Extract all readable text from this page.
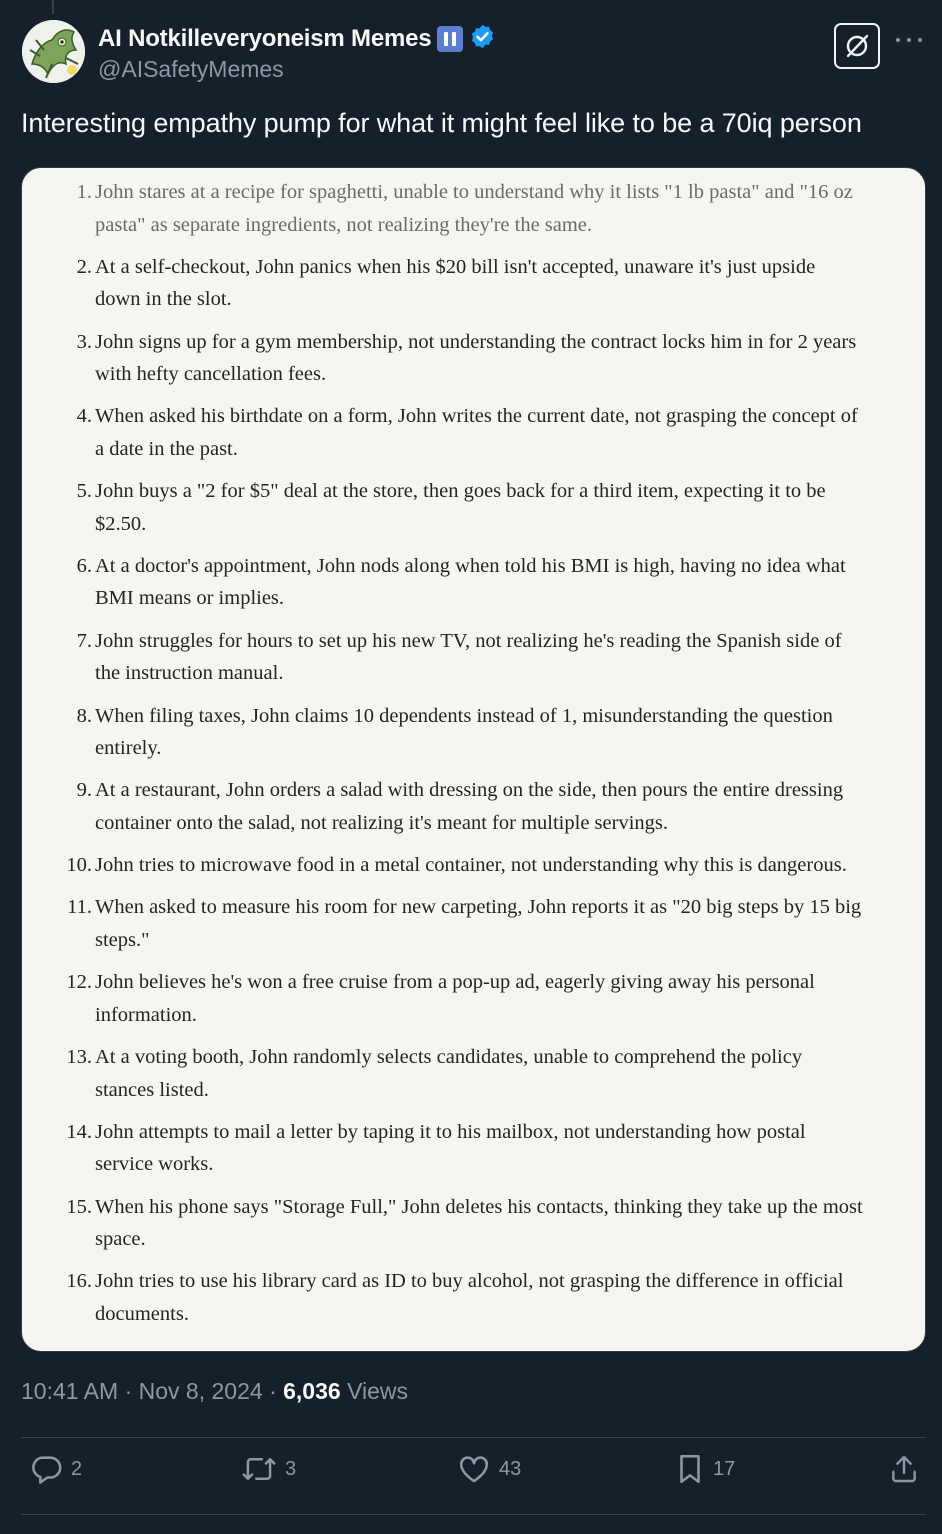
AI Notkilleveryoneism Memes
@AISafetyMemes
Interesting empathy pump for what it might feel like to be a 70iq person
1. John stares at a recipe for spaghetti, unable to understand why it lists "1 lb pasta" and "16 oz pasta" as separate ingredients, not realizing they're the same.
2. At a self-checkout, John panics when his $20 bill isn't accepted, unaware it's just upside down in the slot.
3. John signs up for a gym membership, not understanding the contract locks him in for 2 years with hefty cancellation fees.
4. When asked his birthdate on a form, John writes the current date, not grasping the concept of a date in the past.
5. John buys a "2 for $5" deal at the store, then goes back for a third item, expecting it to be $2.50.
6. At a doctor's appointment, John nods along when told his BMI is high, having no idea what BMI means or implies.
7. John struggles for hours to set up his new TV, not realizing he's reading the Spanish side of the instruction manual.
8. When filing taxes, John claims 10 dependents instead of 1, misunderstanding the question entirely.
9. At a restaurant, John orders a salad with dressing on the side, then pours the entire dressing container onto the salad, not realizing it's meant for multiple servings.
10. John tries to microwave food in a metal container, not understanding why this is dangerous.
11. When asked to measure his room for new carpeting, John reports it as "20 big steps by 15 big steps."
12. John believes he's won a free cruise from a pop-up ad, eagerly giving away his personal information.
13. At a voting booth, John randomly selects candidates, unable to comprehend the policy stances listed.
14. John attempts to mail a letter by taping it to his mailbox, not understanding how postal service works.
15. When his phone says "Storage Full," John deletes his contacts, thinking they take up the most space.
16. John tries to use his library card as ID to buy alcohol, not grasping the difference in official documents.
10:41 AM · Nov 8, 2024 · 6,036 Views
2	3	43	17
